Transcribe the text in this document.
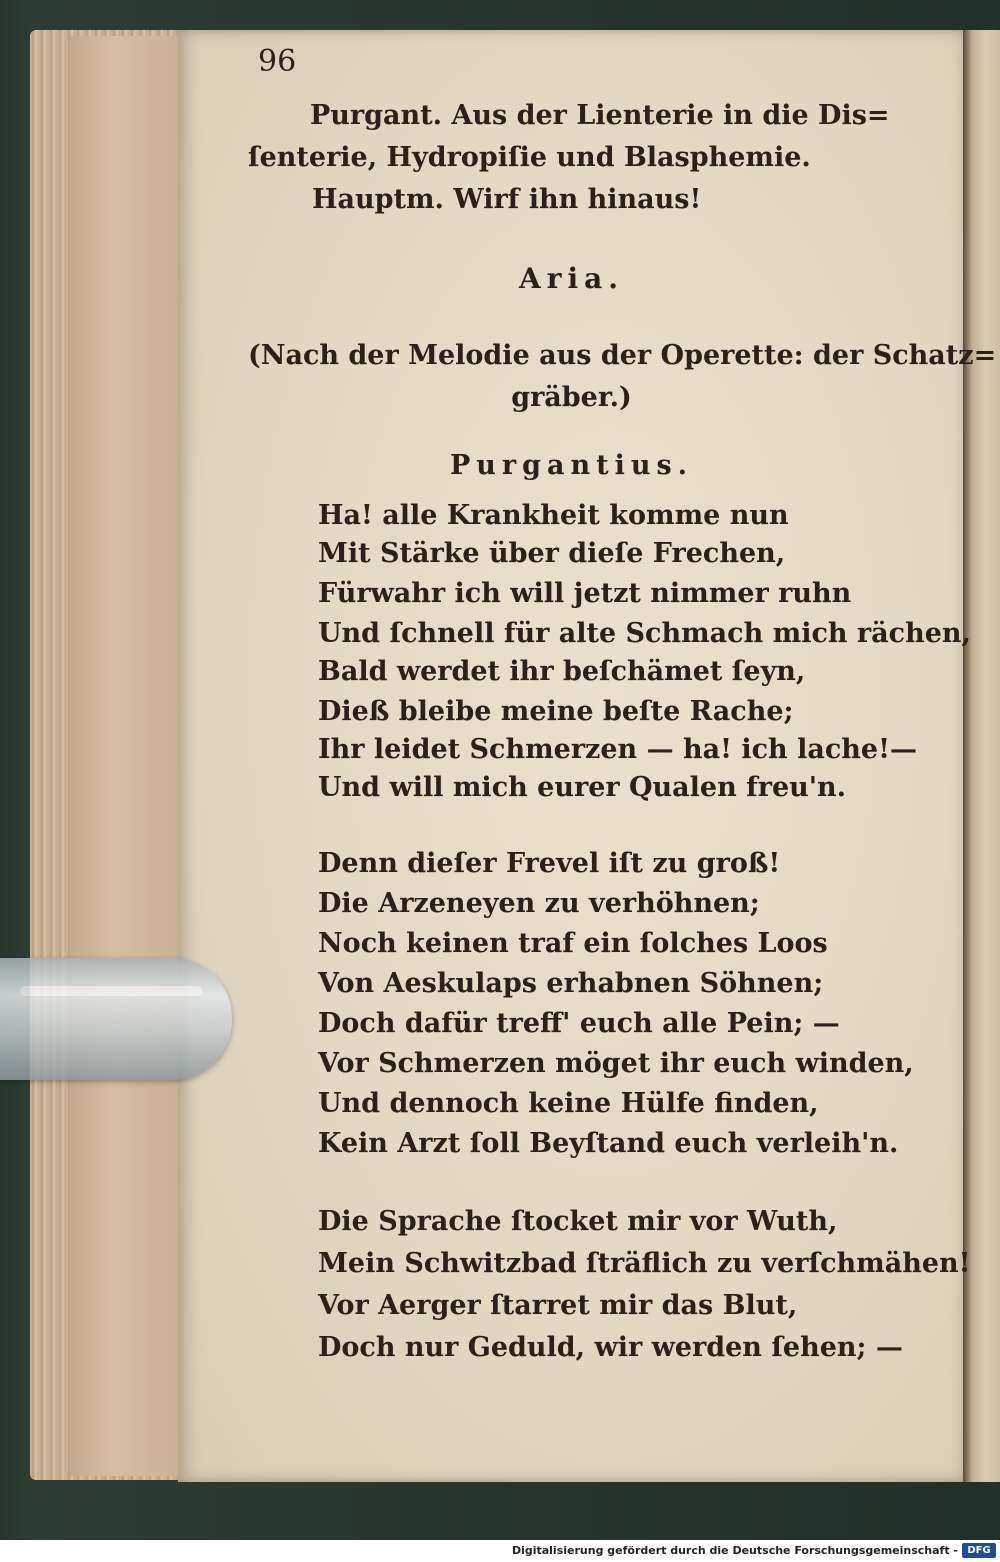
96
Purgant. Aus der Lienterie in die Dis=
ſenterie, Hydropiſie und Blasphemie.
Hauptm. Wirf ihn hinaus!
Aria.
(Nach der Melodie aus der Operette: der Schatz=
gräber.)
Purgantius.
Ha! alle Krankheit komme nun
Mit Stärke über dieſe Frechen,
Fürwahr ich will jetzt nimmer ruhn
Und ſchnell für alte Schmach mich rächen,
Bald werdet ihr beſchämet ſeyn,
Dieß bleibe meine beſte Rache;
Ihr leidet Schmerzen — ha! ich lache!—
Und will mich eurer Qualen freu'n.
Denn dieſer Frevel iſt zu groß!
Die Arzeneyen zu verhöhnen;
Noch keinen traf ein ſolches Loos
Von Aeskulaps erhabnen Söhnen;
Doch dafür treff' euch alle Pein; —
Vor Schmerzen möget ihr euch winden,
Und dennoch keine Hülfe finden,
Kein Arzt ſoll Beyſtand euch verleih'n.
Die Sprache ſtocket mir vor Wuth,
Mein Schwitzbad ſträflich zu verſchmähen!
Vor Aerger ſtarret mir das Blut,
Doch nur Geduld, wir werden ſehen; —
Digitalisierung gefördert durch die Deutsche Forschungsgemeinschaft - DFG
